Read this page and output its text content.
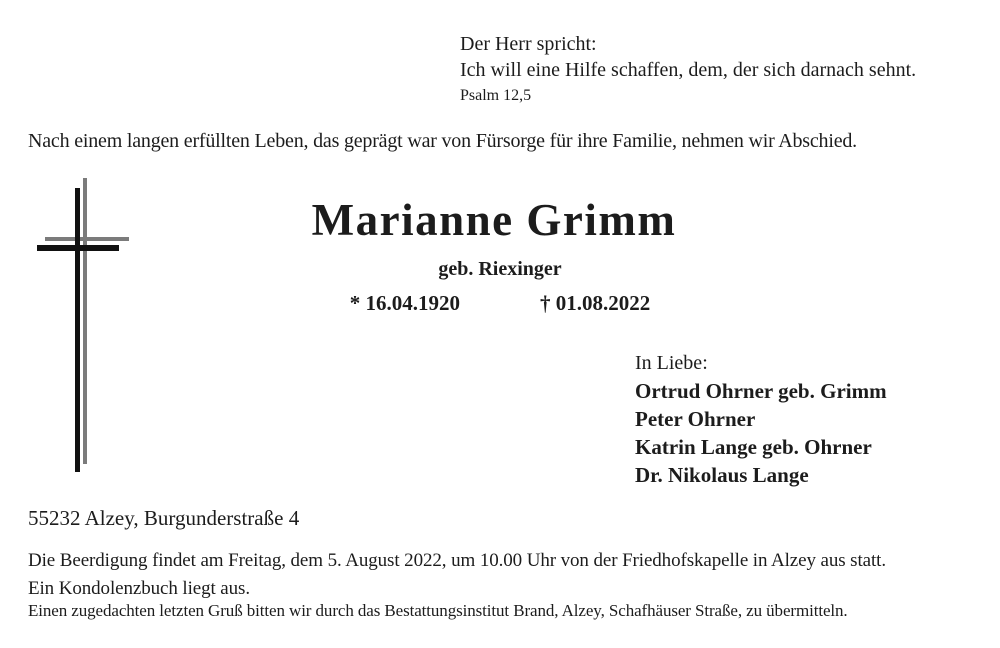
Der Herr spricht:
Ich will eine Hilfe schaffen, dem, der sich darnach sehnt.
Psalm 12,5
Nach einem langen erfüllten Leben, das geprägt war von Fürsorge für ihre Familie, nehmen wir Abschied.
Marianne Grimm
geb. Riexinger
* 16.04.1920	† 01.08.2022
In Liebe:
Ortrud Ohrner geb. Grimm
Peter Ohrner
Katrin Lange geb. Ohrner
Dr. Nikolaus Lange
55232 Alzey, Burgunderstraße 4
Die Beerdigung findet am Freitag, dem 5. August 2022, um 10.00 Uhr von der Friedhofskapelle in Alzey aus statt.
Ein Kondolenzbuch liegt aus.
Einen zugedachten letzten Gruß bitten wir durch das Bestattungsinstitut Brand, Alzey, Schafhäuser Straße, zu übermitteln.
